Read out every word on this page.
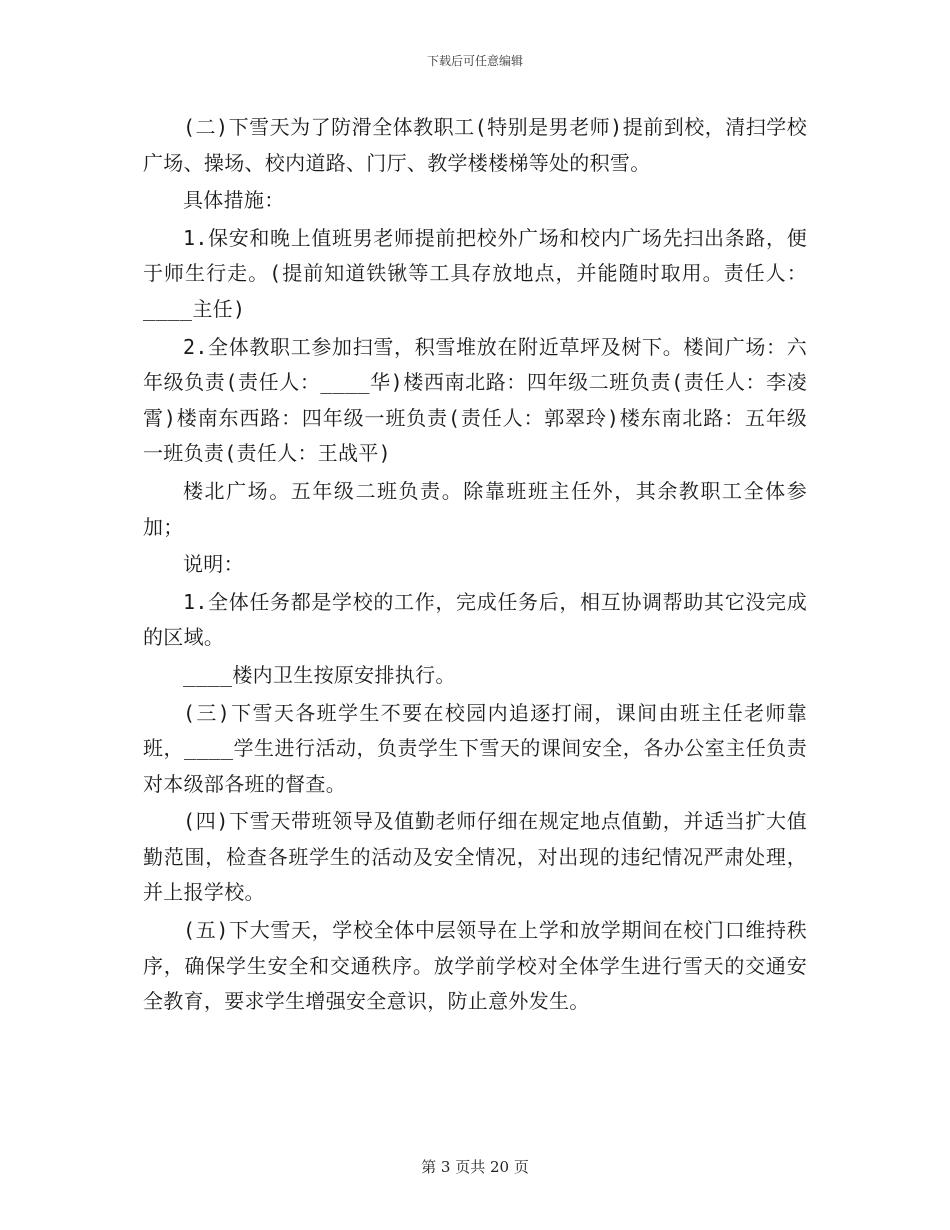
下载后可任意编辑

(二)下雪天为了防滑全体教职工(特别是男老师)提前到校，清扫学校广场、操场、校内道路、门厅、教学楼楼梯等处的积雪。

具体措施：

1.保安和晚上值班男老师提前把校外广场和校内广场先扫出条路，便于师生行走。(提前知道铁锹等工具存放地点，并能随时取用。责任人：____主任)

2.全体教职工参加扫雪，积雪堆放在附近草坪及树下。楼间广场：六年级负责(责任人：____华)楼西南北路：四年级二班负责(责任人：李凌霄)楼南东西路：四年级一班负责(责任人：郭翠玲)楼东南北路：五年级一班负责(责任人：王战平)

楼北广场。五年级二班负责。除靠班班主任外，其余教职工全体参加；

说明：

1.全体任务都是学校的工作，完成任务后，相互协调帮助其它没完成的区域。

____楼内卫生按原安排执行。

(三)下雪天各班学生不要在校园内追逐打闹，课间由班主任老师靠班，____学生进行活动，负责学生下雪天的课间安全，各办公室主任负责对本级部各班的督查。

(四)下雪天带班领导及值勤老师仔细在规定地点值勤，并适当扩大值勤范围，检查各班学生的活动及安全情况，对出现的违纪情况严肃处理，并上报学校。

(五)下大雪天，学校全体中层领导在上学和放学期间在校门口维持秩序，确保学生安全和交通秩序。放学前学校对全体学生进行雪天的交通安全教育，要求学生增强安全意识，防止意外发生。

第 3 页共 20 页
